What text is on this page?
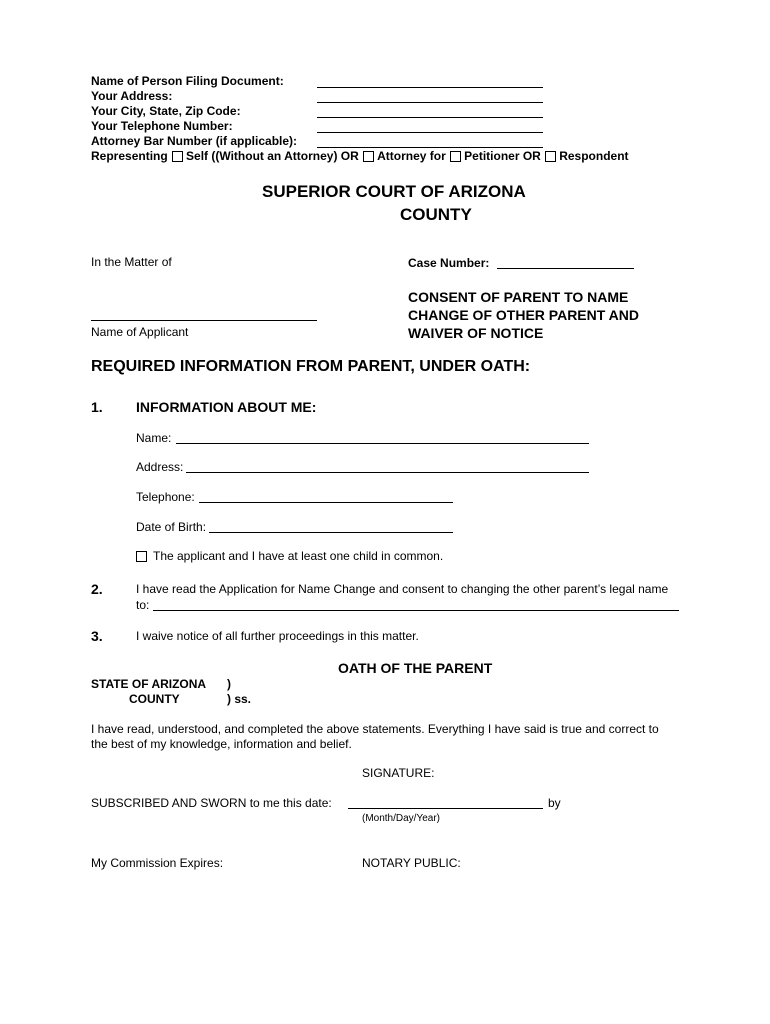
Name of Person Filing Document:
Your Address:
Your City, State, Zip Code:
Your Telephone Number:
Attorney Bar Number (if applicable):
Representing Self ((Without an Attorney) OR Attorney for Petitioner OR Respondent
SUPERIOR COURT OF ARIZONA
COUNTY
In the Matter of	Case Number:
Name of Applicant
CONSENT OF PARENT TO NAME
CHANGE OF OTHER PARENT AND
WAIVER OF NOTICE
REQUIRED INFORMATION FROM PARENT, UNDER OATH:
1. INFORMATION ABOUT ME:
Name:
Address:
Telephone:
Date of Birth:
The applicant and I have at least one child in common.
2.	I have read the Application for Name Change and consent to changing the other parent’s legal name
to:
3.	I waive notice of all further proceedings in this matter.
OATH OF THE PARENT
STATE OF ARIZONA )
COUNTY	) ss.
I have read, understood, and completed the above statements. Everything I have said is true and correct to
the best of my knowledge, information and belief.
SIGNATURE:
SUBSCRIBED AND SWORN to me this date:	by
(Month/Day/Year)
My Commission Expires:	NOTARY PUBLIC:
